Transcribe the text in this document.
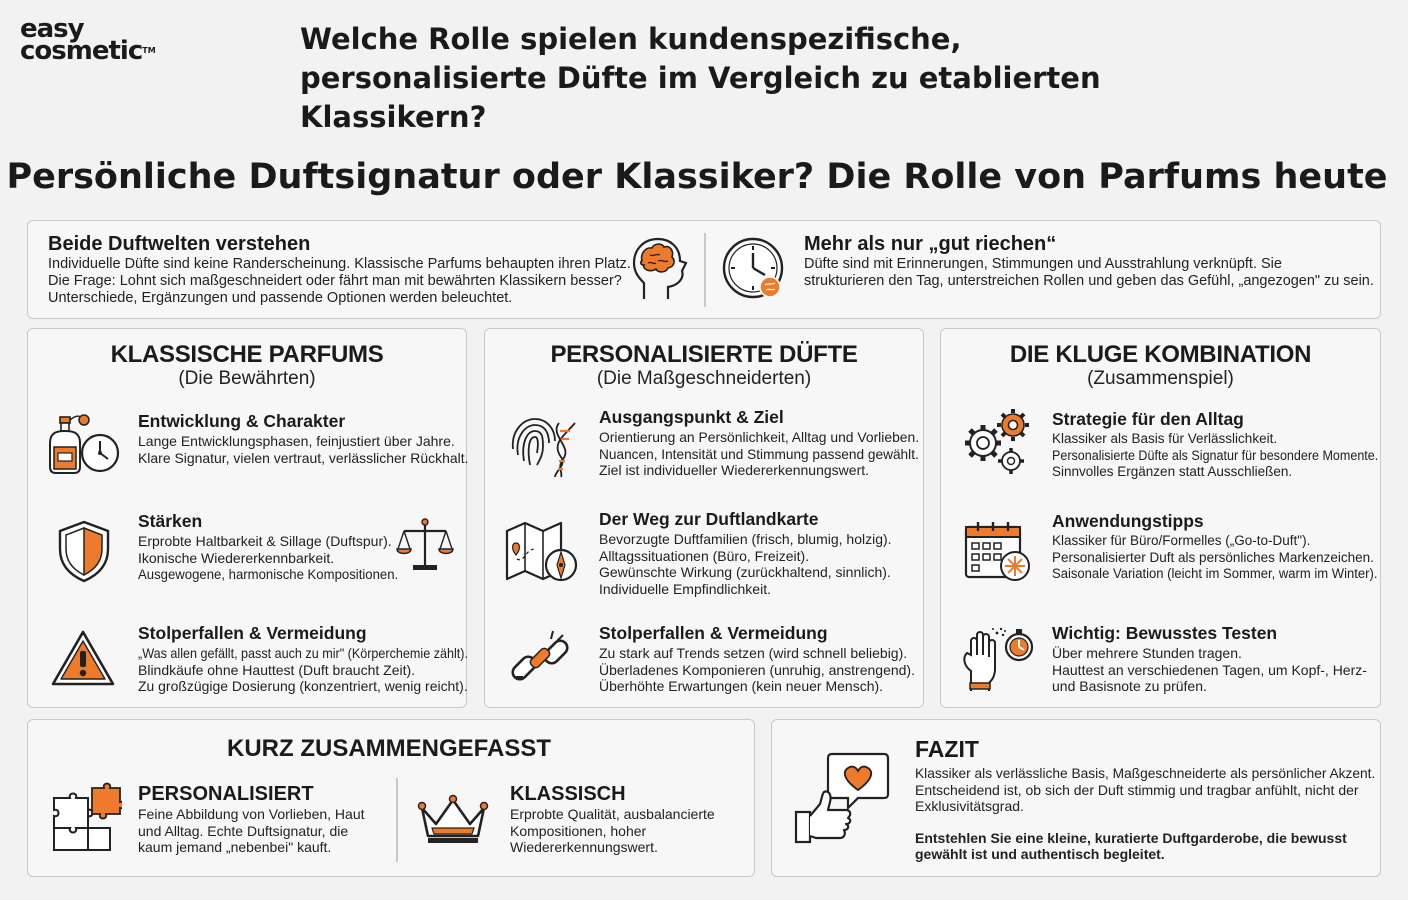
easy
cosmetic™	Welche Rolle spielen kundenspezifische, personalisierte Düfte im Vergleich zu etablierten Klassikern?
Persönliche Duftsignatur oder Klassiker? Die Rolle von Parfums heute
Beide Duftwelten verstehen
Individuelle Düfte sind keine Randerscheinung. Klassische Parfums behaupten ihren Platz.
Die Frage: Lohnt sich maßgeschneidert oder fährt man mit bewährten Klassikern besser?
Unterschiede, Ergänzungen und passende Optionen werden beleuchtet.
Mehr als nur „gut riechen“
Düfte sind mit Erinnerungen, Stimmungen und Ausstrahlung verknüpft. Sie
strukturieren den Tag, unterstreichen Rollen und geben das Gefühl, „angezogen" zu sein.
KLASSISCHE PARFUMS
(Die Bewährten)
Entwicklung & Charakter
Lange Entwicklungsphasen, feinjustiert über Jahre.
Klare Signatur, vielen vertraut, verlässlicher Rückhalt.
Stärken
Erprobte Haltbarkeit & Sillage (Duftspur).
Ikonische Wiedererkennbarkeit.
Ausgewogene, harmonische Kompositionen.
Stolperfallen & Vermeidung
„Was allen gefällt, passt auch zu mir" (Körperchemie zählt).
Blindkäufe ohne Hauttest (Duft braucht Zeit).
Zu großzügige Dosierung (konzentriert, wenig reicht).
PERSONALISIERTE DÜFTE
(Die Maßgeschneiderten)
Ausgangspunkt & Ziel
Orientierung an Persönlichkeit, Alltag und Vorlieben.
Nuancen, Intensität und Stimmung passend gewählt.
Ziel ist individueller Wiedererkennungswert.
Der Weg zur Duftlandkarte
Bevorzugte Duftfamilien (frisch, blumig, holzig).
Alltagssituationen (Büro, Freizeit).
Gewünschte Wirkung (zurückhaltend, sinnlich).
Individuelle Empfindlichkeit.
Stolperfallen & Vermeidung
Zu stark auf Trends setzen (wird schnell beliebig).
Überladenes Komponieren (unruhig, anstrengend).
Überhöhte Erwartungen (kein neuer Mensch).
DIE KLUGE KOMBINATION
(Zusammenspiel)
Strategie für den Alltag
Klassiker als Basis für Verlässlichkeit.
Personalisierte Düfte als Signatur für besondere Momente.
Sinnvolles Ergänzen statt Ausschließen.
Anwendungstipps
Klassiker für Büro/Formelles („Go-to-Duft").
Personalisierter Duft als persönliches Markenzeichen.
Saisonale Variation (leicht im Sommer, warm im Winter).
Wichtig: Bewusstes Testen
Über mehrere Stunden tragen.
Hauttest an verschiedenen Tagen, um Kopf-, Herz-
und Basisnote zu prüfen.
KURZ ZUSAMMENGEFASST
PERSONALISIERT
Feine Abbildung von Vorlieben, Haut
und Alltag. Echte Duftsignatur, die
kaum jemand „nebenbei" kauft.
KLASSISCH
Erprobte Qualität, ausbalancierte
Kompositionen, hoher
Wiedererkennungswert.
FAZIT
Klassiker als verlässliche Basis, Maßgeschneiderte als persönlicher Akzent.
Entscheidend ist, ob sich der Duft stimmig und tragbar anfühlt, nicht der
Exklusivitätsgrad.
Entstehlen Sie eine kleine, kuratierte Duftgarderobe, die bewusst
gewählt ist und authentisch begleitet.
